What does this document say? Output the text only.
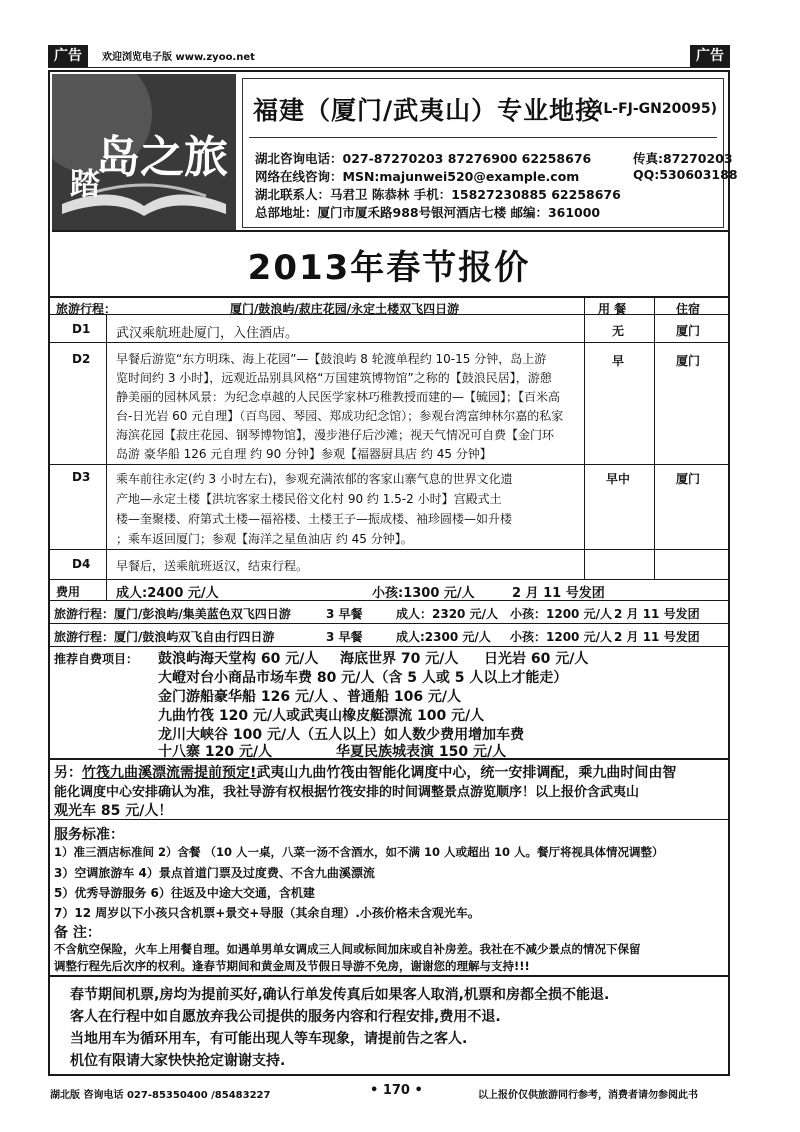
广告	欢迎浏览电子版 www.zyoo.net	广告
岛之旅
踏
福建（厦门/武夷山）专业地接
(L-FJ-GN20095)
湖北咨询电话：027-87270203 87276900 62258676	传真:87270203
网络在线咨询：MSN:majunwei520@example.com	QQ:530603188
湖北联系人：马君卫 陈恭林 手机：15827230885 62258676
总部地址：厦门市厦禾路988号银河酒店七楼 邮编：361000
2013年春节报价
旅游行程：	厦门/鼓浪屿/菽庄花园/永定土楼双飞四日游	用 餐	住宿
D1 武汉乘航班赴厦门，入住酒店。	无	厦门
D2 早餐后游览“东方明珠、海上花园”—【鼓浪屿 8 轮渡单程约 10-15 分钟，岛上游
览时间约 3 小时】，远观近品别具风格“万国建筑博物馆”之称的【鼓浪民居】，游憩
静美丽的园林风景：为纪念卓越的人民医学家林巧稚教授而建的—【毓园】；【百米高
台-日光岩 60 元自理】（百鸟园、琴园、郑成功纪念馆）；参观台湾富绅林尔嘉的私家
海滨花园【菽庄花园、钢琴博物馆】，漫步港仔后沙滩；视天气情况可自费【金门环
岛游 豪华船 126 元自理 约 90 分钟】参观【福器厨具店 约 45 分钟】
早	厦门
D3 乘车前往永定(约 3 小时左右)，参观充满浓郁的客家山寨气息的世界文化遗
产地—永定土楼【洪坑客家土楼民俗文化村 90 约 1.5-2 小时】宫殿式土
楼—奎聚楼、府第式土楼—福裕楼、土楼王子—振成楼、袖珍圆楼—如升楼
；乘车返回厦门；参观【海洋之星鱼油店 约 45 分钟】。
早中	厦门
D4 早餐后，送乘航班返汉，结束行程。
费用	成人:2400 元/人	小孩:1300 元/人	2 月 11 号发团
旅游行程：厦门/彭浪屿/集美蓝色双飞四日游	3 早餐	成人：2320 元/人 小孩：1200 元/人 2 月 11 号发团
旅游行程：厦门/鼓浪屿双飞自由行四日游	3 早餐	成人:2300 元/人 小孩：1200 元/人 2 月 11 号发团
推荐自费项目： 鼓浪屿海天堂构 60 元/人 海底世界 70 元/人 日光岩 60 元/人
大嶝对台小商品市场车费 80 元/人（含 5 人或 5 人以上才能走）
金门游船豪华船 126 元/人 、普通船 106 元/人
九曲竹筏 120 元/人或武夷山橡皮艇漂流 100 元/人
龙川大峡谷 100 元/人（五人以上）如人数少费用增加车费
十八寨 120 元/人	华夏民族城表演 150 元/人
另：竹筏九曲溪漂流需提前预定!武夷山九曲竹筏由智能化调度中心，统一安排调配，乘九曲时间由智
能化调度中心安排确认为准，我社导游有权根据竹筏安排的时间调整景点游览顺序！以上报价含武夷山
观光车 85 元/人！
服务标准：
1）准三酒店标准间 2）含餐 （10 人一桌，八菜一汤不含酒水，如不满 10 人或超出 10 人。餐厅将视具体情况调整）
3）空调旅游车 4）景点首道门票及过度费、不含九曲溪漂流
5）优秀导游服务 6）往返及中途大交通，含机建
7）12 周岁以下小孩只含机票+景交+导服（其余自理）.小孩价格未含观光车。
备 注：
不含航空保险，火车上用餐自理。如遇单男单女调成三人间或标间加床或自补房差。我社在不减少景点的情况下保留
春节期间机票,房均为提前买好,确认行单发传真后如果客人取消,机票和房都全损不能退.
客人在行程中如自愿放弃我公司提供的服务内容和行程安排,费用不退.
当地用车为循环用车，有可能出现人等车现象，请提前告之客人.
机位有限请大家快快抢定谢谢支持.
调整行程先后次序的权利。逢春节期间和黄金周及节假日导游不免房，谢谢您的理解与支持!!!
湖北版 咨询电话 027-85350400 /85483227	• 170 •	以上报价仅供旅游同行参考，消费者请勿参阅此书
